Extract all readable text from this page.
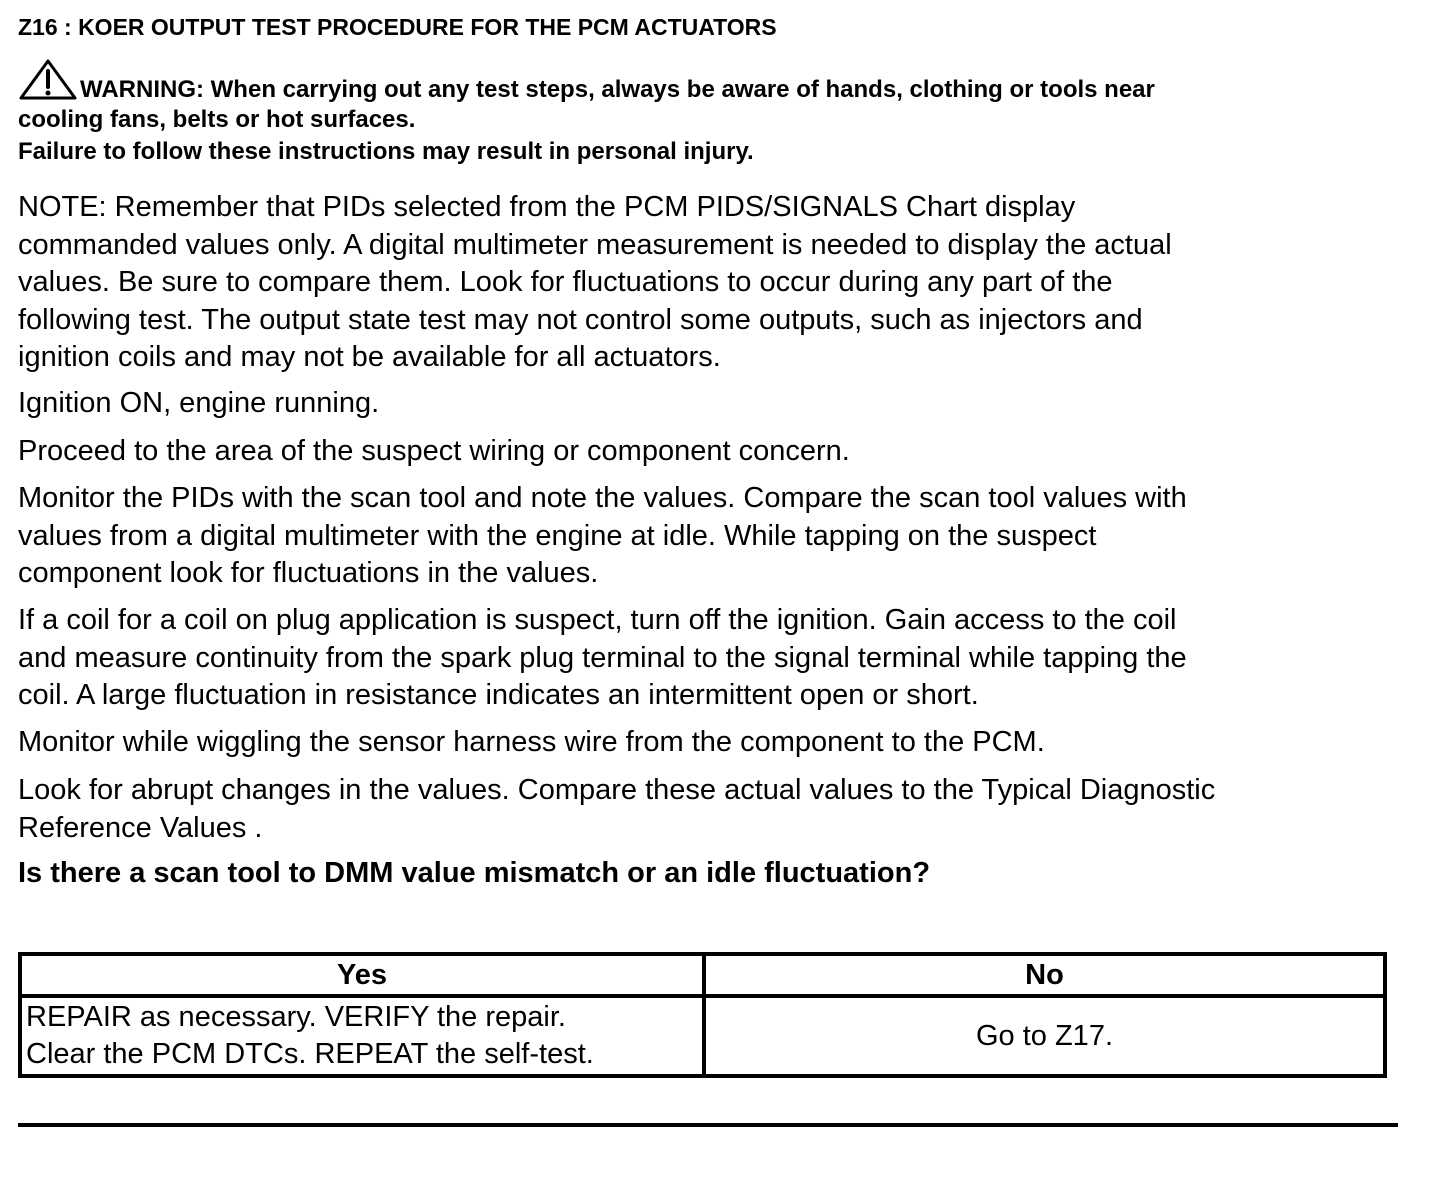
Z16 : KOER OUTPUT TEST PROCEDURE FOR THE PCM ACTUATORS
WARNING: When carrying out any test steps, always be aware of hands, clothing or tools near
cooling fans, belts or hot surfaces.
Failure to follow these instructions may result in personal injury.
NOTE: Remember that PIDs selected from the PCM PIDS/SIGNALS Chart display
commanded values only. A digital multimeter measurement is needed to display the actual
values. Be sure to compare them. Look for fluctuations to occur during any part of the
following test. The output state test may not control some outputs, such as injectors and
ignition coils and may not be available for all actuators.
Ignition ON, engine running.
Proceed to the area of the suspect wiring or component concern.
Monitor the PIDs with the scan tool and note the values. Compare the scan tool values with
values from a digital multimeter with the engine at idle. While tapping on the suspect
component look for fluctuations in the values.
If a coil for a coil on plug application is suspect, turn off the ignition. Gain access to the coil
and measure continuity from the spark plug terminal to the signal terminal while tapping the
coil. A large fluctuation in resistance indicates an intermittent open or short.
Monitor while wiggling the sensor harness wire from the component to the PCM.
Look for abrupt changes in the values. Compare these actual values to the Typical Diagnostic
Reference Values .
Is there a scan tool to DMM value mismatch or an idle fluctuation?
Yes	No

REPAIR as necessary. VERIFY the repair.
Clear the PCM DTCs. REPEAT the self-test.	Go to Z17.
